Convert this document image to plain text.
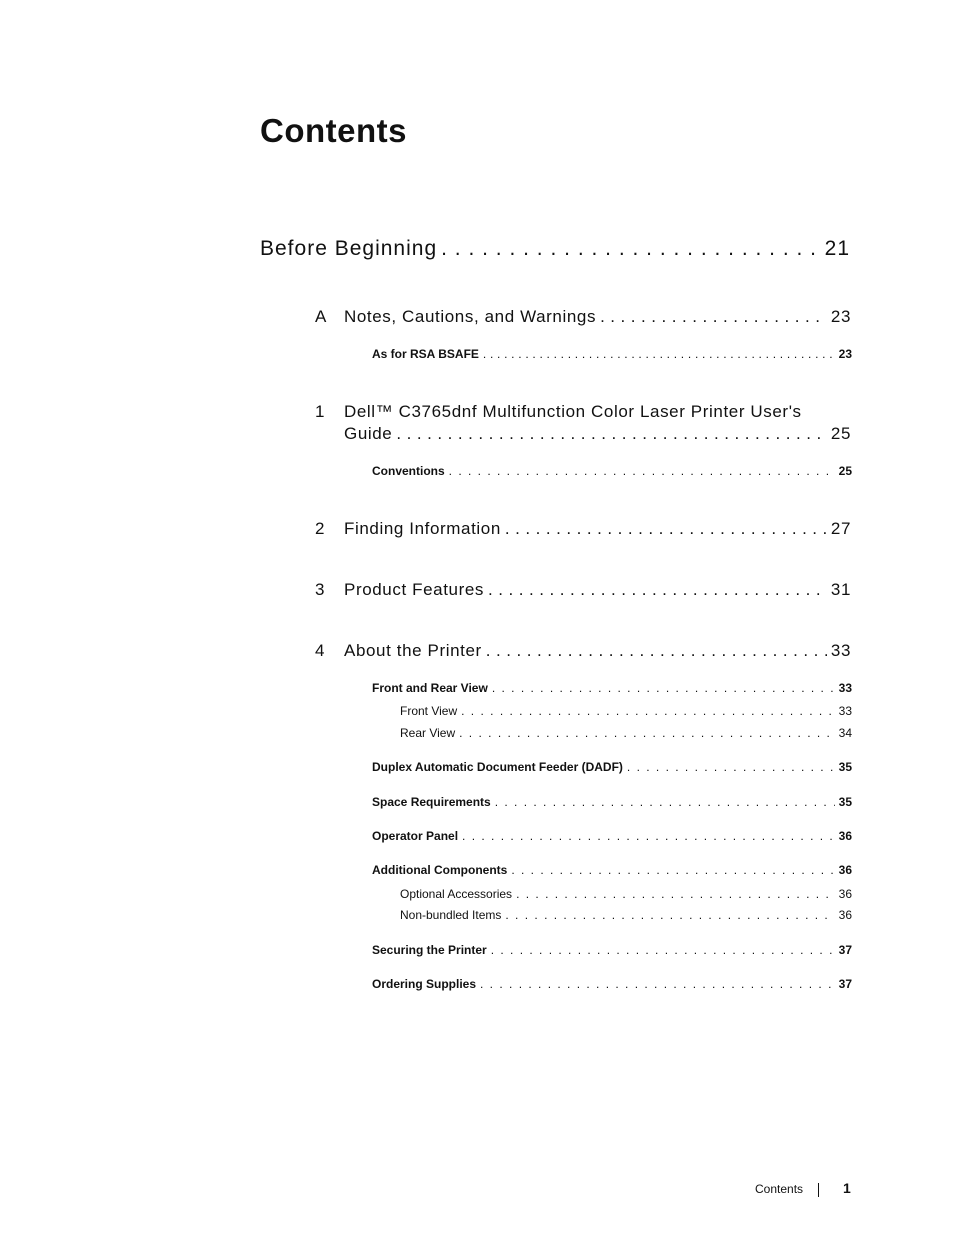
Contents
Before Beginning . . .	21
A Notes, Cautions, and Warnings . . .	23
As for RSA BSAFE . . .	23
1 Dell™ C3765dnf Multifunction Color Laser Printer User's
Guide . . .	25
Conventions . . .	25
2 Finding Information . . .	27
3 Product Features . . .	31
4 About the Printer . . .	33
Front and Rear View . . .	33
Front View . . .	33
Rear View . . .	34
Duplex Automatic Document Feeder (DADF) . . .	35
Space Requirements . . .	35
Operator Panel . . .	36
Additional Components . . .	36
Optional Accessories . . .	36
Non-bundled Items . . .	36
Securing the Printer . . .	37
Ordering Supplies . . .	37
Contents	1
